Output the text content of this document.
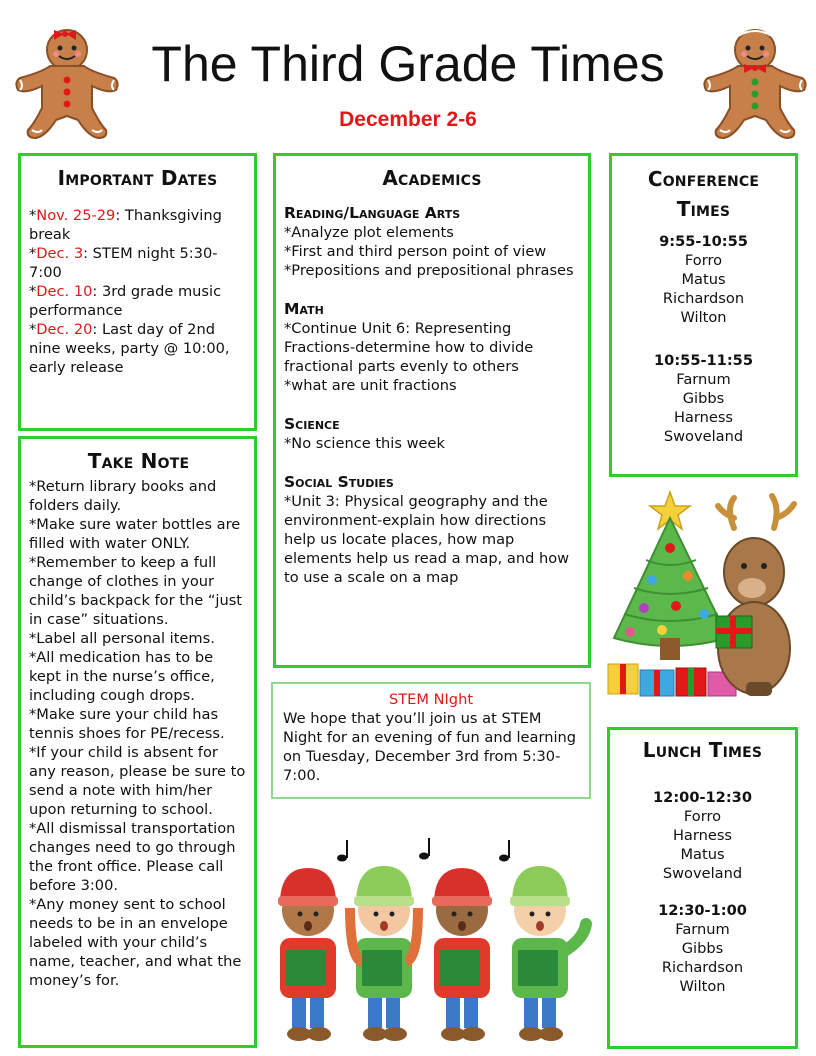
The Third Grade Times
December 2-6
Important Dates
*Nov. 25-29: Thanksgiving break
*Dec. 3: STEM night 5:30-7:00
*Dec. 10: 3rd grade music performance
*Dec. 20: Last day of 2nd nine weeks, party @ 10:00, early release
Take Note
*Return library books and folders daily.
*Make sure water bottles are filled with water ONLY.
*Remember to keep a full change of clothes in your child’s backpack for the “just in case” situations.
*Label all personal items.
*All medication has to be kept in the nurse’s office, including cough drops.
*Make sure your child has tennis shoes for PE/recess.
*If your child is absent for any reason, please be sure to send a note with him/her upon returning to school.
*All dismissal transportation changes need to go through the front office. Please call before 3:00.
*Any money sent to school needs to be in an envelope labeled with your child’s name, teacher, and what the money’s for.
Academics
Reading/Language Arts
*Analyze plot elements
*First and third person point of view
*Prepositions and prepositional phrases
Math
*Continue Unit 6: Representing Fractions-determine how to divide fractional parts evenly to others
*what are unit fractions
Science
*No science this week
Social Studies
*Unit 3: Physical geography and the environment-explain how directions help us locate places, how map elements help us read a map, and how to use a scale on a map
STEM NIght
We hope that you’ll join us at STEM Night for an evening of fun and learning on Tuesday, December 3rd from 5:30-7:00.
Conference Times
9:55-10:55
Forro
Matus
Richardson
Wilton
10:55-11:55
Farnum
Gibbs
Harness
Swoveland
Lunch Times
12:00-12:30
Forro
Harness
Matus
Swoveland
12:30-1:00
Farnum
Gibbs
Richardson
Wilton
